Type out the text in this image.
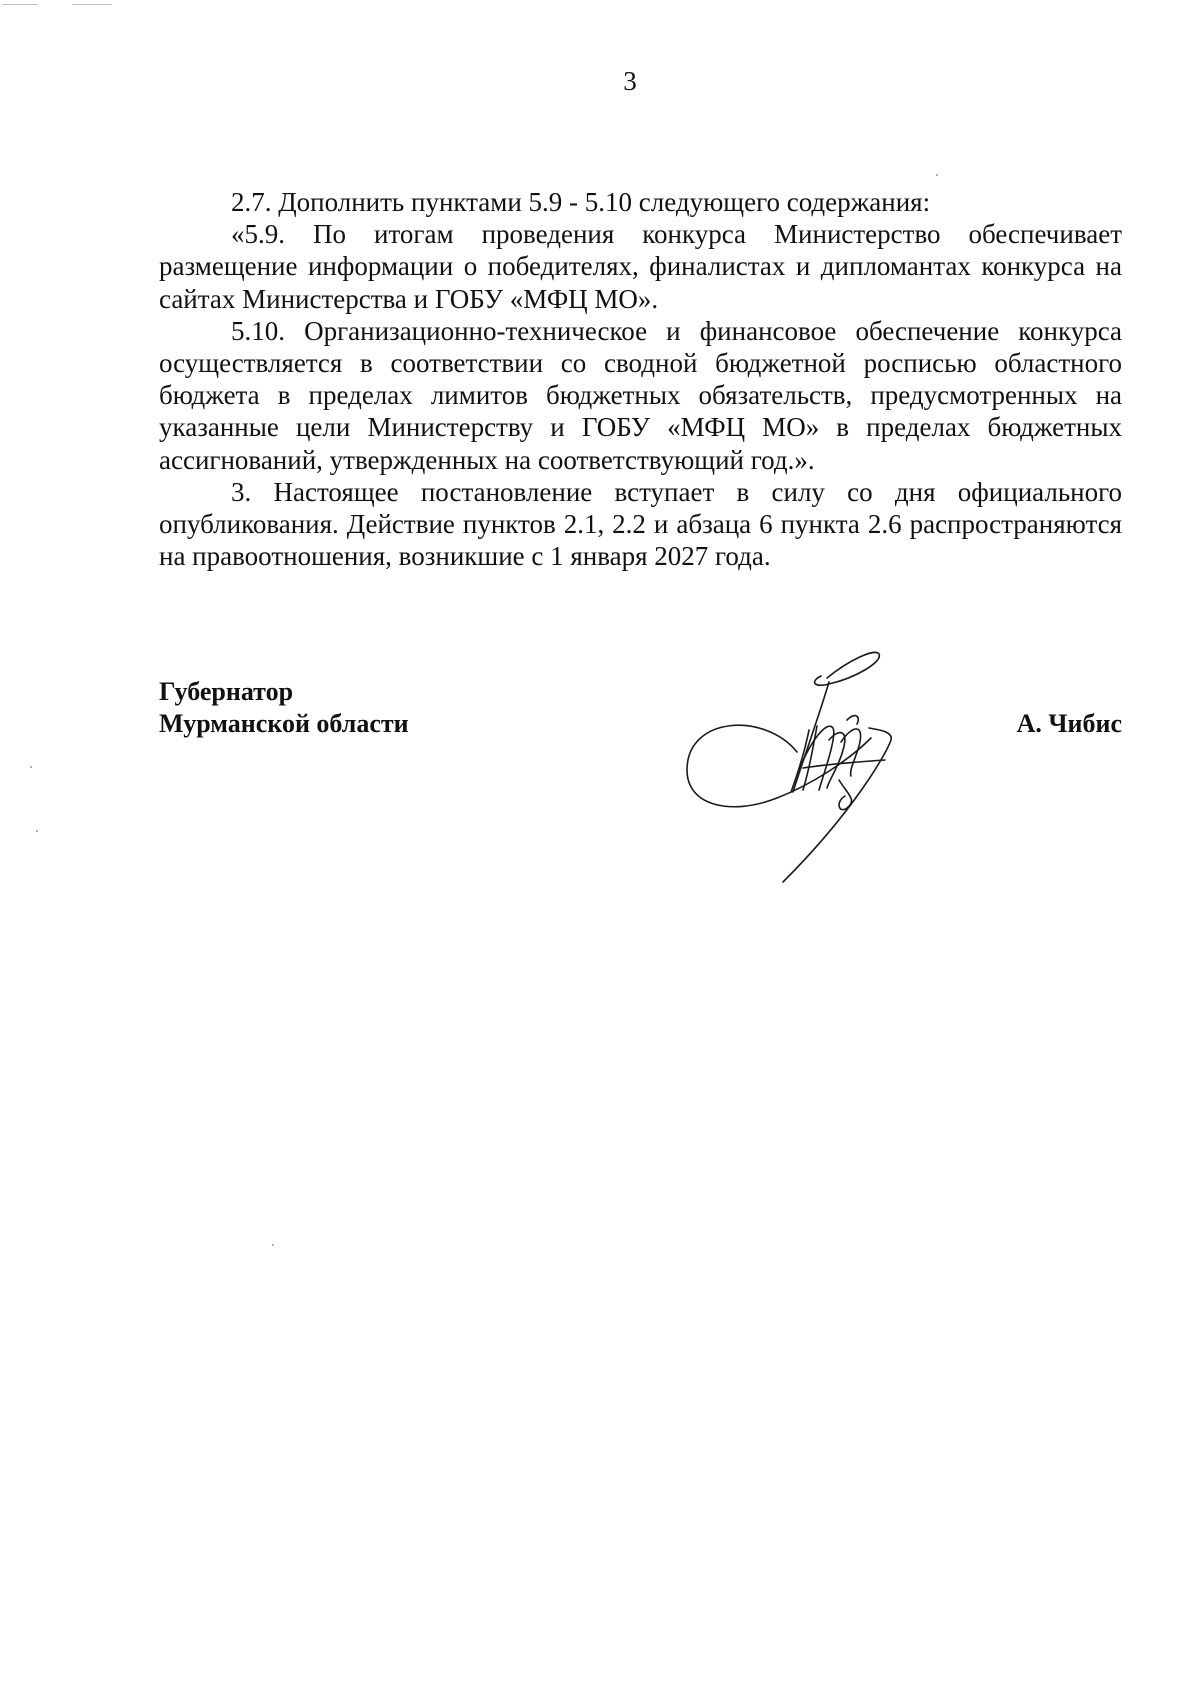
3

2.7. Дополнить пунктами 5.9 - 5.10 следующего содержания:

«5.9. По итогам проведения конкурса Министерство обеспечивает размещение информации о победителях, финалистах и дипломантах конкурса на сайтах Министерства и ГОБУ «МФЦ МО».

5.10. Организационно-техническое и финансовое обеспечение конкурса осуществляется в соответствии со сводной бюджетной росписью областного бюджета в пределах лимитов бюджетных обязательств, предусмотренных на указанные цели Министерству и ГОБУ «МФЦ МО» в пределах бюджетных ассигнований, утвержденных на соответствующий год.».

3. Настоящее постановление вступает в силу со дня официального опубликования. Действие пунктов 2.1, 2.2 и абзаца 6 пункта 2.6 распространяются на правоотношения, возникшие с 1 января 2027 года.

Губернатор
Мурманской области	А. Чибис
